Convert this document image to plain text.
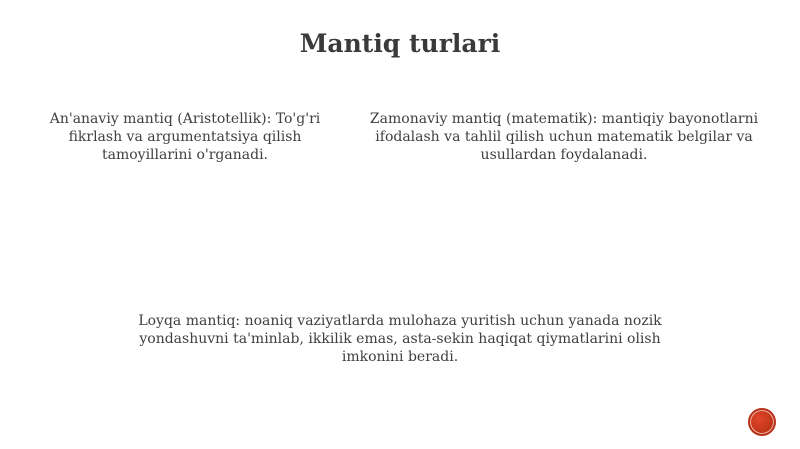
Mantiq turlari
An'anaviy mantiq (Aristotellik): To'g'ri fikrlash va argumentatsiya qilish tamoyillarini o'rganadi.
Zamonaviy mantiq (matematik): mantiqiy bayonotlarni ifodalash va tahlil qilish uchun matematik belgilar va usullardan foydalanadi.
Loyqa mantiq: noaniq vaziyatlarda mulohaza yuritish uchun yanada nozik yondashuvni ta'minlab, ikkilik emas, asta-sekin haqiqat qiymatlarini olish imkonini beradi.
